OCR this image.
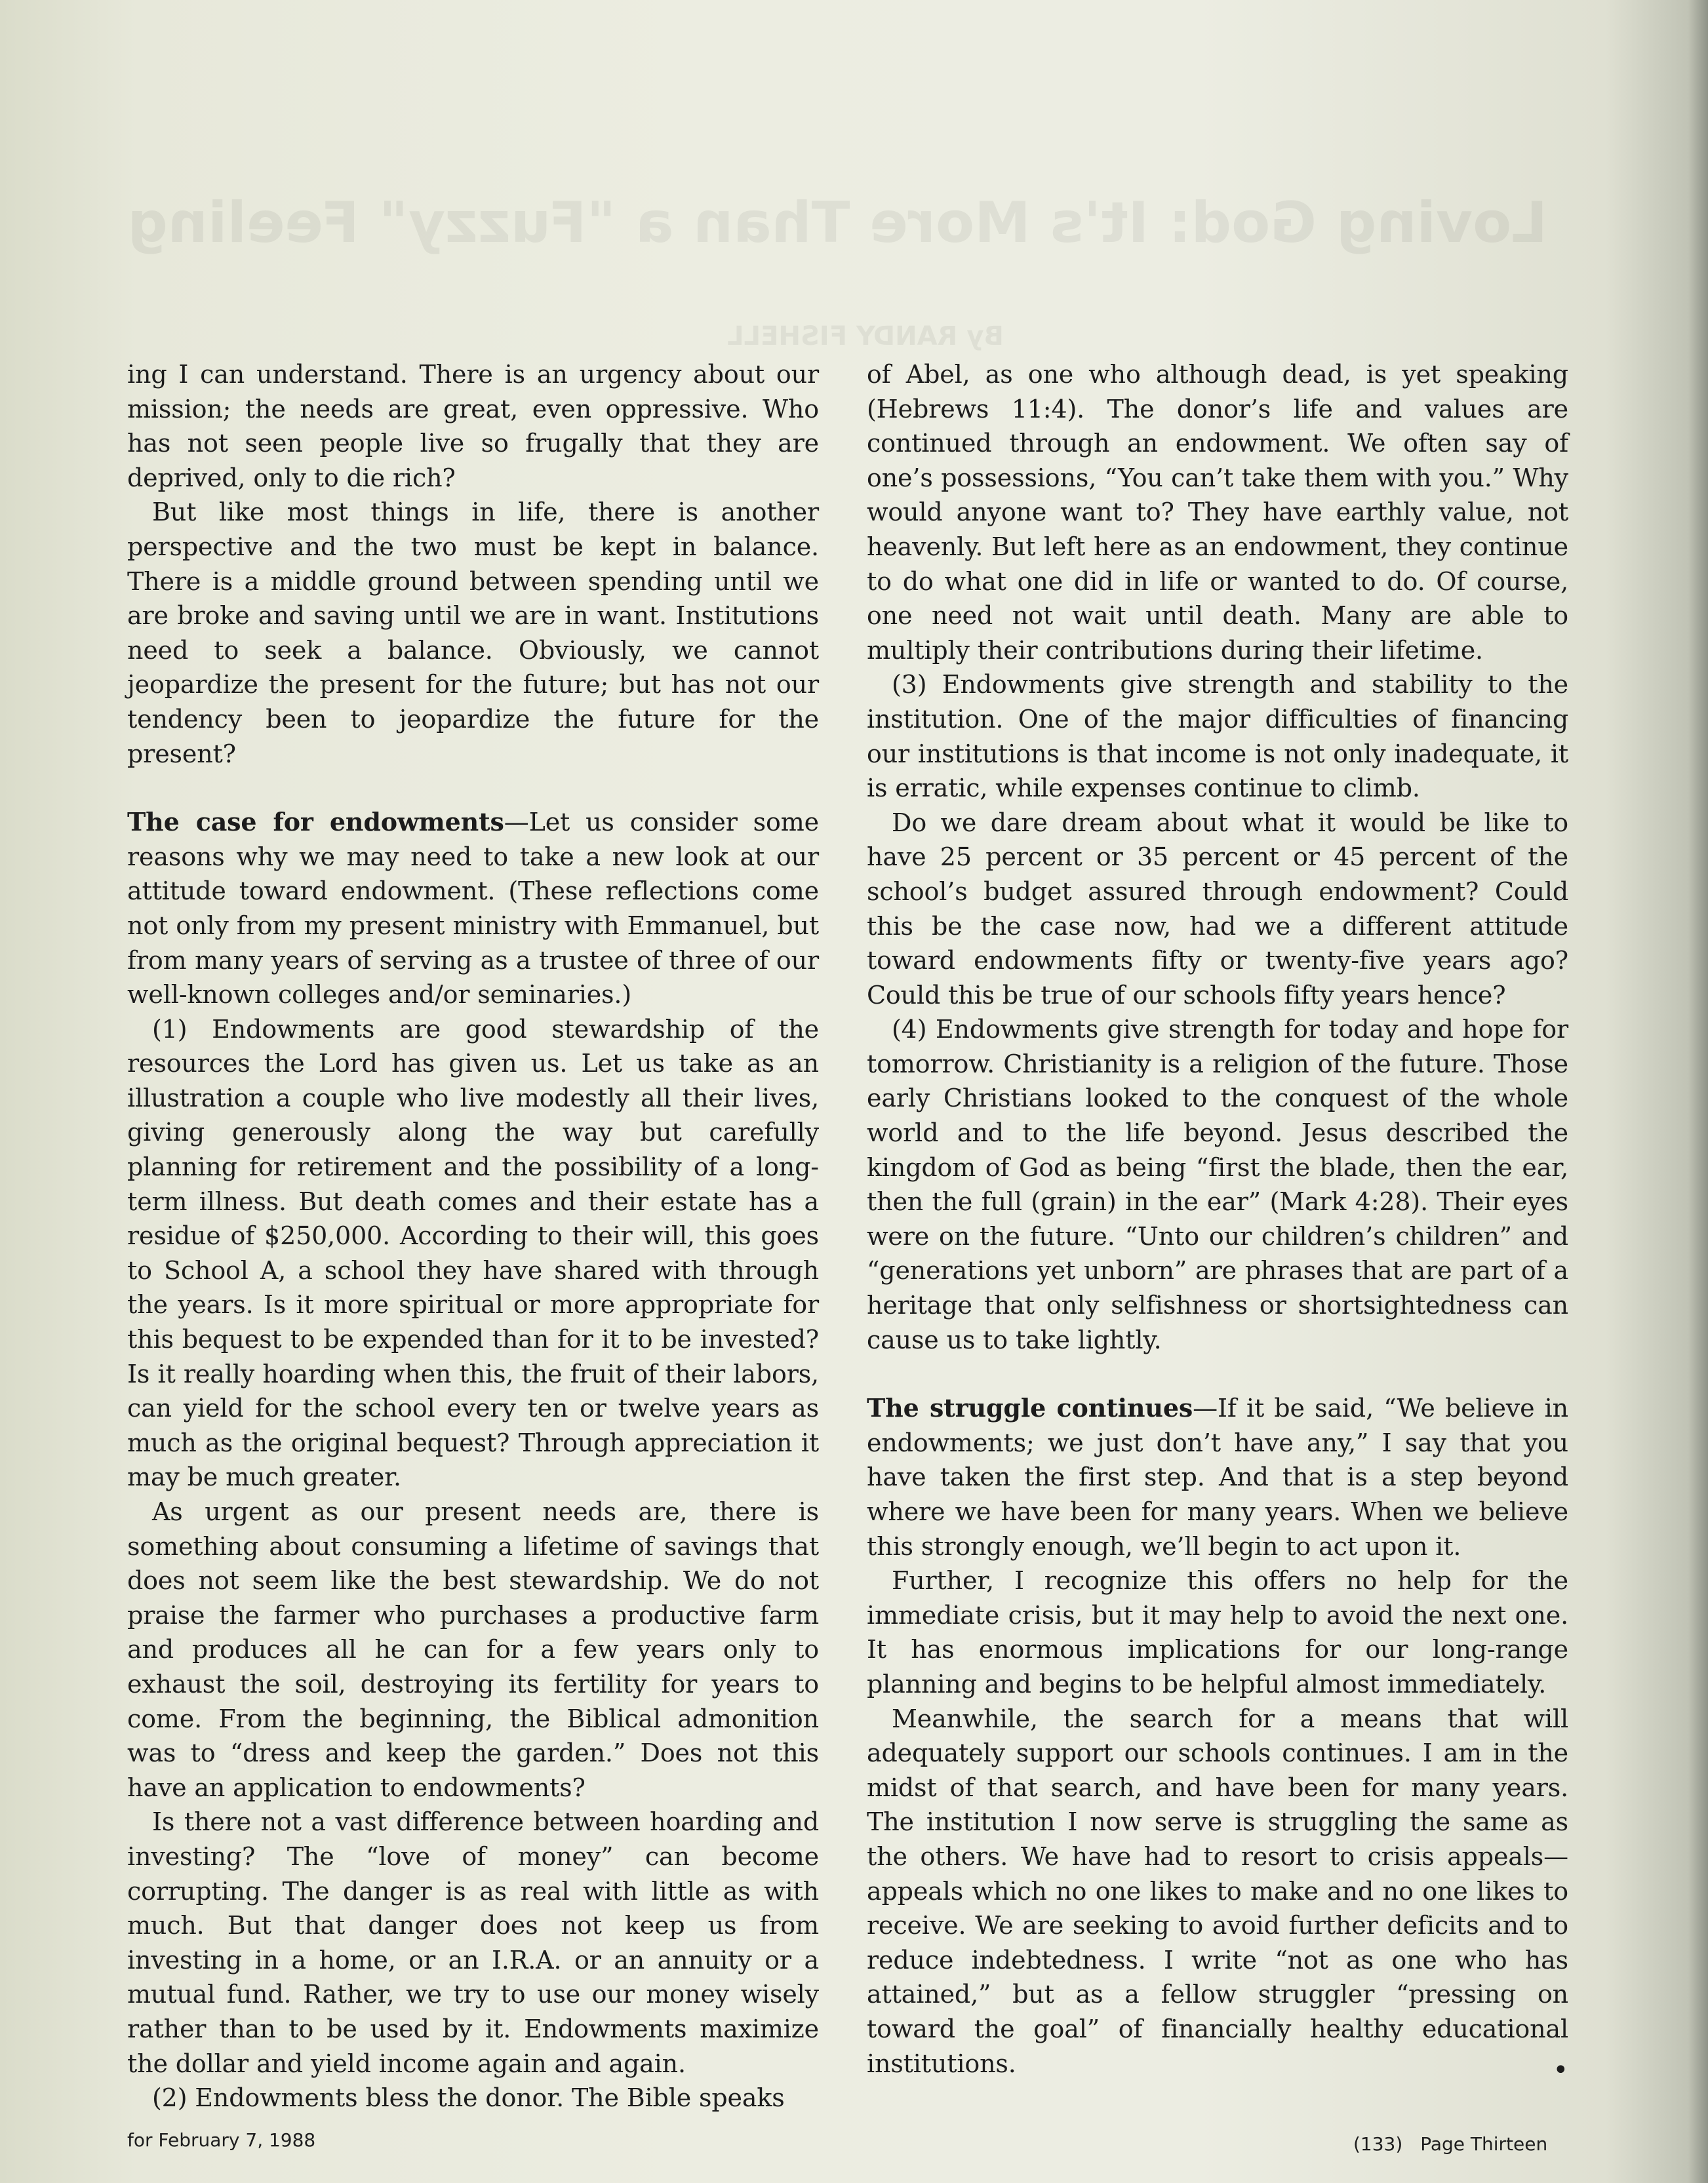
Loving God: It's More Than a "Fuzzy" Feeling
By RANDY FISHELL

ing I can understand. There is an urgency about our mission; the needs are great, even oppressive. Who has not seen people live so frugally that they are deprived, only to die rich?

But like most things in life, there is another perspective and the two must be kept in balance. There is a middle ground between spending until we are broke and saving until we are in want. Institutions need to seek a balance. Obviously, we cannot jeopardize the present for the future; but has not our tendency been to jeopardize the future for the present?

The case for endowments—Let us consider some reasons why we may need to take a new look at our attitude toward endowment. (These reflections come not only from my present ministry with Emmanuel, but from many years of serving as a trustee of three of our well-known colleges and/or seminaries.)

(1) Endowments are good stewardship of the resources the Lord has given us. Let us take as an illustration a couple who live modestly all their lives, giving generously along the way but carefully planning for retirement and the possibility of a long-term illness. But death comes and their estate has a residue of $250,000. According to their will, this goes to School A, a school they have shared with through the years. Is it more spiritual or more appropriate for this bequest to be expended than for it to be invested? Is it really hoarding when this, the fruit of their labors, can yield for the school every ten or twelve years as much as the original bequest? Through appreciation it may be much greater.

As urgent as our present needs are, there is something about consuming a lifetime of savings that does not seem like the best stewardship. We do not praise the farmer who purchases a productive farm and produces all he can for a few years only to exhaust the soil, destroying its fertility for years to come. From the beginning, the Biblical admonition was to “dress and keep the garden.” Does not this have an application to endowments?

Is there not a vast difference between hoarding and investing? The “love of money” can become corrupting. The danger is as real with little as with much. But that danger does not keep us from investing in a home, or an I.R.A. or an annuity or a mutual fund. Rather, we try to use our money wisely rather than to be used by it. Endowments maximize the dollar and yield income again and again.

(2) Endowments bless the donor. The Bible speaks

of Abel, as one who although dead, is yet speaking (Hebrews 11:4). The donor’s life and values are continued through an endowment. We often say of one’s possessions, “You can’t take them with you.” Why would anyone want to? They have earthly value, not heavenly. But left here as an endowment, they continue to do what one did in life or wanted to do. Of course, one need not wait until death. Many are able to multiply their contributions during their lifetime.

(3) Endowments give strength and stability to the institution. One of the major difficulties of financing our institutions is that income is not only inadequate, it is erratic, while expenses continue to climb.

Do we dare dream about what it would be like to have 25 percent or 35 percent or 45 percent of the school’s budget assured through endowment? Could this be the case now, had we a different attitude toward endowments fifty or twenty-five years ago? Could this be true of our schools fifty years hence?

(4) Endowments give strength for today and hope for tomorrow. Christianity is a religion of the future. Those early Christians looked to the conquest of the whole world and to the life beyond. Jesus described the kingdom of God as being “first the blade, then the ear, then the full (grain) in the ear” (Mark 4:28). Their eyes were on the future. “Unto our children’s children” and “generations yet unborn” are phrases that are part of a heritage that only selfishness or shortsightedness can cause us to take lightly.

The struggle continues—If it be said, “We believe in endowments; we just don’t have any,” I say that you have taken the first step. And that is a step beyond where we have been for many years. When we believe this strongly enough, we’ll begin to act upon it.

Further, I recognize this offers no help for the immediate crisis, but it may help to avoid the next one. It has enormous implications for our long-range planning and begins to be helpful almost immediately.

Meanwhile, the search for a means that will adequately support our schools continues. I am in the midst of that search, and have been for many years. The institution I now serve is struggling the same as the others. We have had to resort to crisis appeals—appeals which no one likes to make and no one likes to receive. We are seeking to avoid further deficits and to reduce indebtedness. I write “not as one who has attained,” but as a fellow struggler “pressing on toward the goal” of financially healthy educational institutions.	•
for February 7, 1988	(133) Page Thirteen
